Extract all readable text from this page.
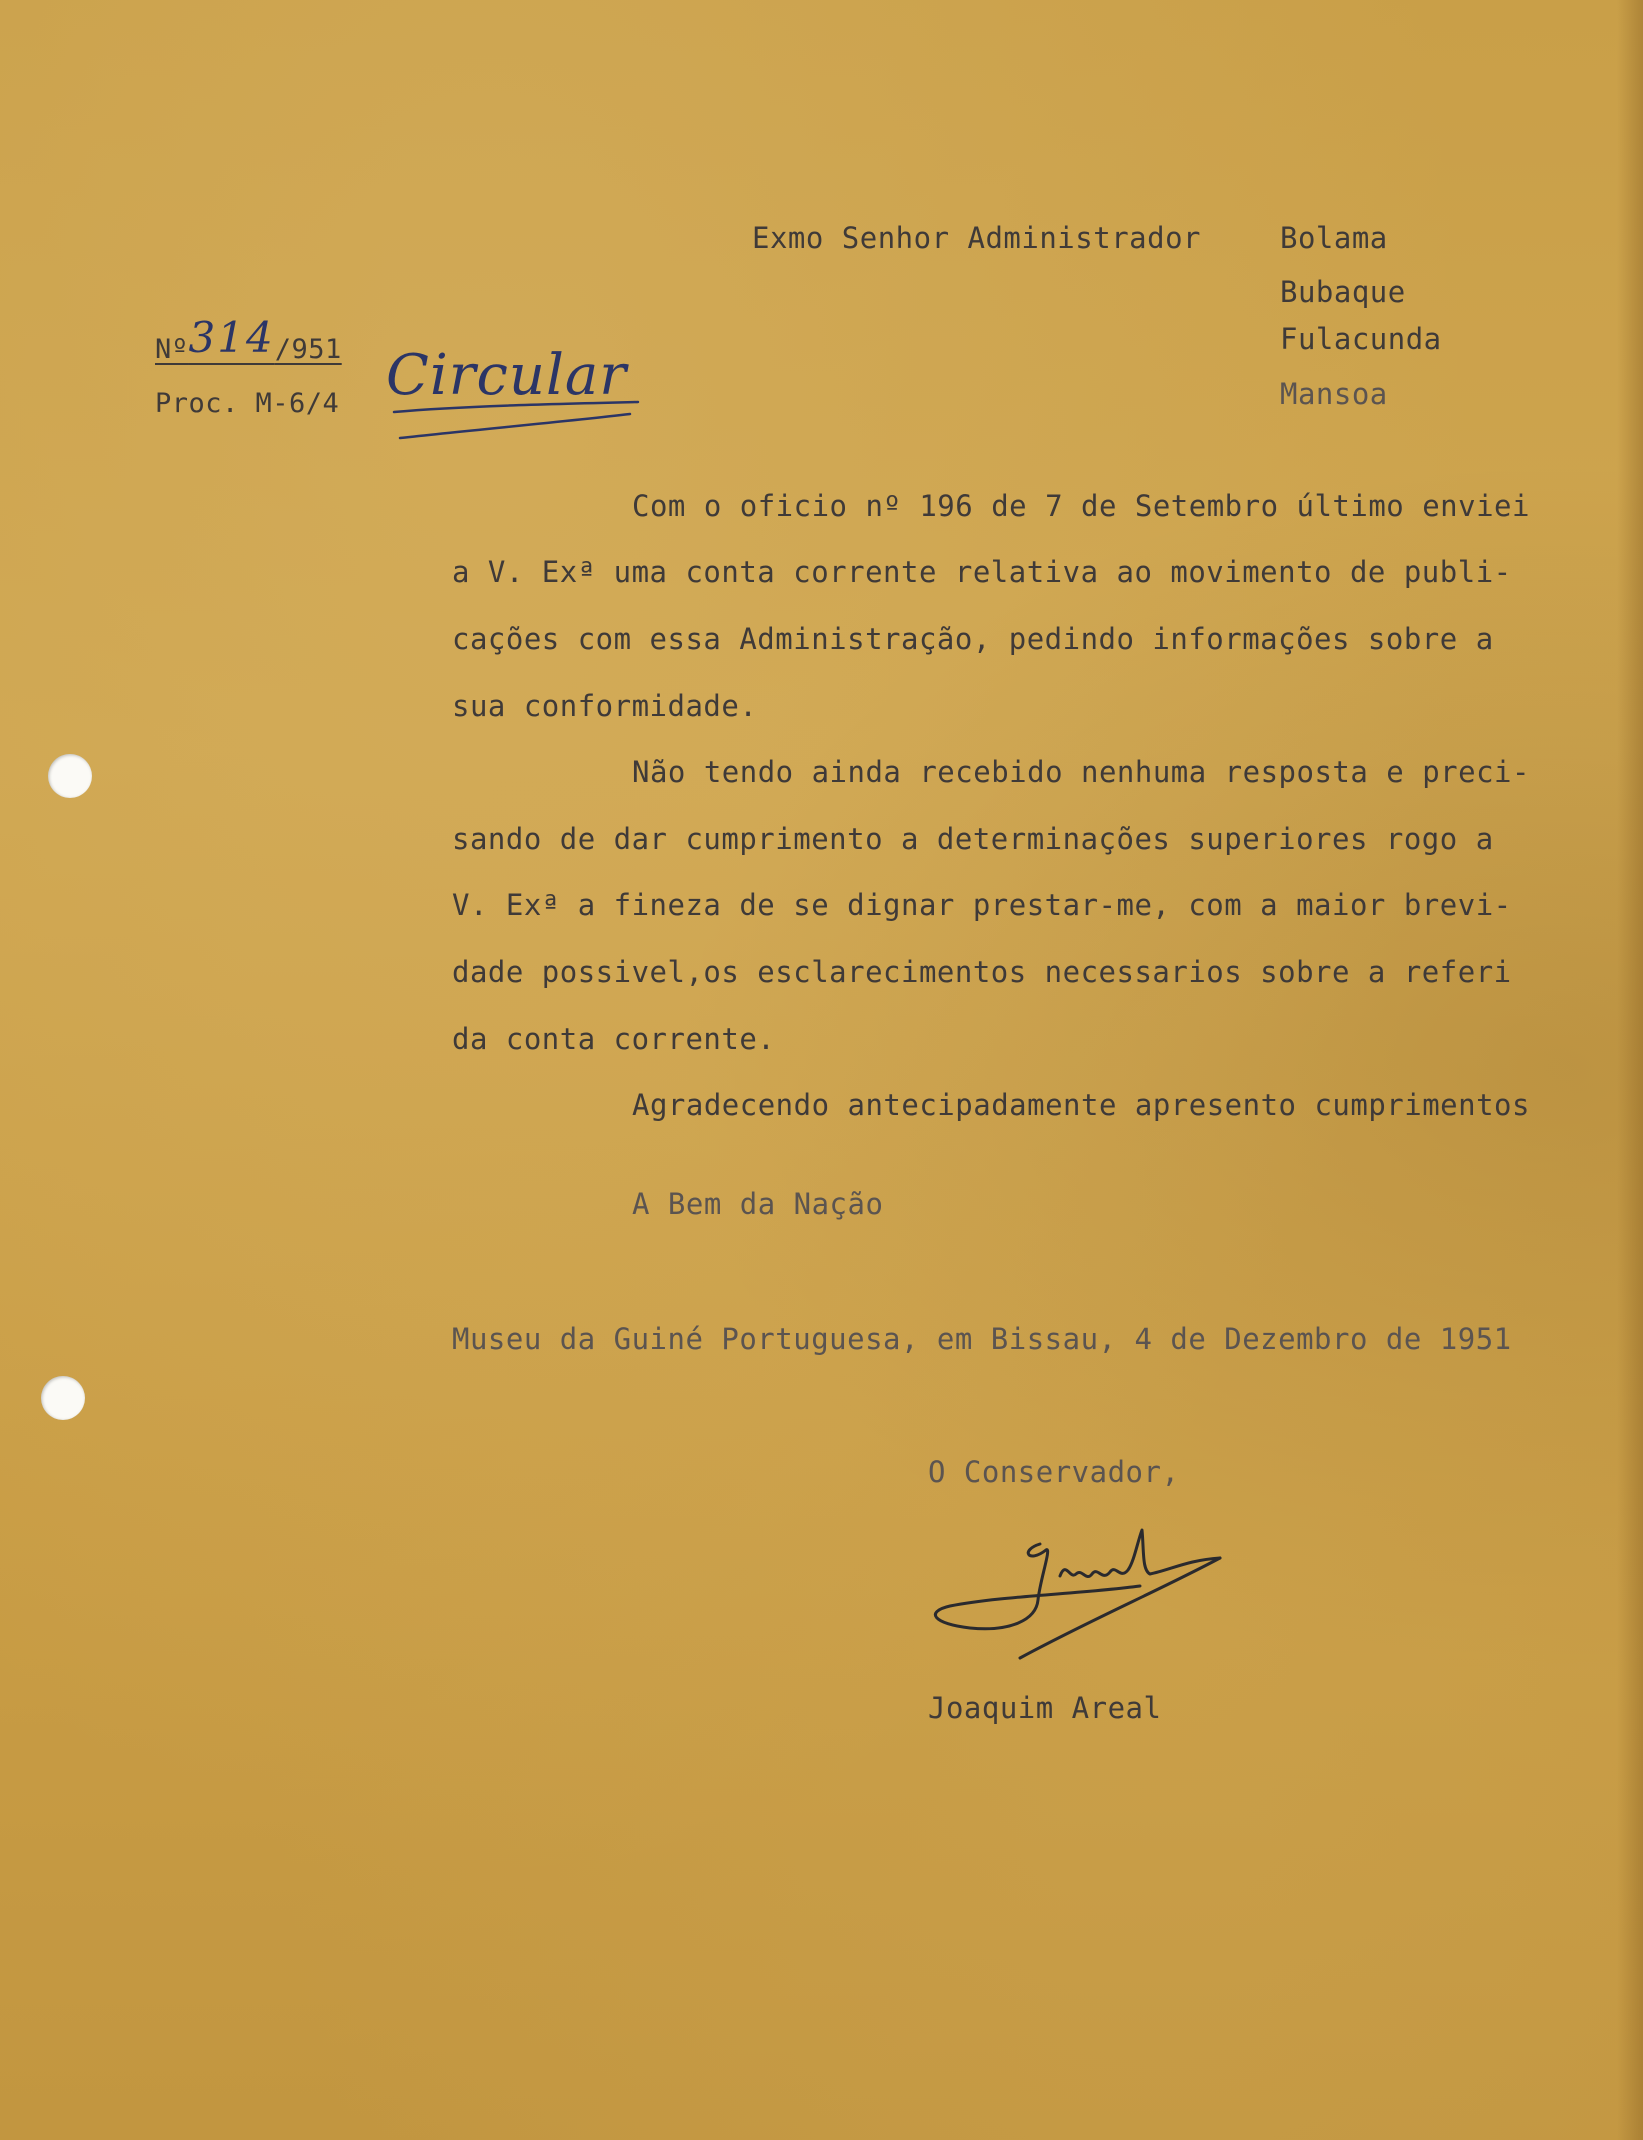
Exmo Senhor Administrador	Bolama
Bubaque
Fulacunda
Mansoa
Nº314/951
Proc. M-6/4 Circular
Com o oficio nº 196 de 7 de Setembro último enviei
a V. Exª uma conta corrente relativa ao movimento de publi-
cações com essa Administração, pedindo informações sobre a
sua conformidade.
Não tendo ainda recebido nenhuma resposta e preci-
sando de dar cumprimento a determinações superiores rogo a
V. Exª a fineza de se dignar prestar-me, com a maior brevi-
dade possivel,os esclarecimentos necessarios sobre a referi
da conta corrente.
Agradecendo antecipadamente apresento cumprimentos
A Bem da Nação
Museu da Guiné Portuguesa, em Bissau, 4 de Dezembro de 1951
O Conservador,
Joaquim Areal
